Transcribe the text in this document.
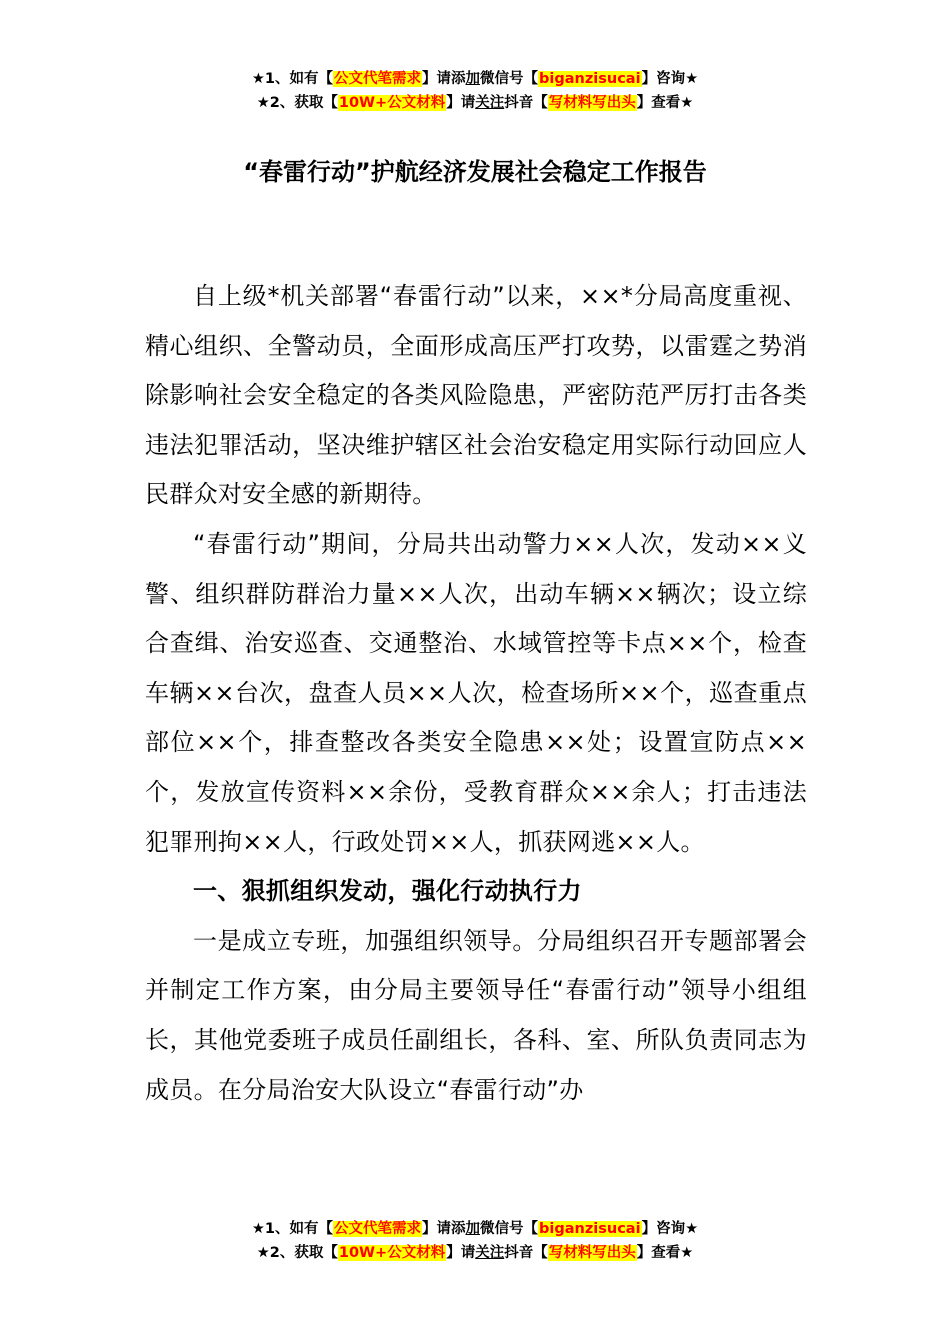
★1、如有【公文代笔需求】请添加微信号【biganzisucai】咨询★
★2、获取【10W+公文材料】请关注抖音【写材料写出头】查看★
“春雷行动”护航经济发展社会稳定工作报告

自上级*机关部署“春雷行动”以来，××*分局高度重视、精心组织、全警动员，全面形成高压严打攻势，以雷霆之势消除影响社会安全稳定的各类风险隐患，严密防范严厉打击各类违法犯罪活动，坚决维护辖区社会治安稳定用实际行动回应人民群众对安全感的新期待。

“春雷行动”期间，分局共出动警力××人次，发动××义警、组织群防群治力量××人次，出动车辆××辆次；设立综合查缉、治安巡查、交通整治、水域管控等卡点××个，检查车辆××台次，盘查人员××人次，检查场所××个，巡查重点部位××个，排查整改各类安全隐患××处；设置宣防点××个，发放宣传资料××余份，受教育群众××余人；打击违法犯罪刑拘××人，行政处罚××人，抓获网逃××人。

一、狠抓组织发动，强化行动执行力

一是成立专班，加强组织领导。分局组织召开专题部署会并制定工作方案，由分局主要领导任“春雷行动”领导小组组长，其他党委班子成员任副组长，各科、室、所队负责同志为成员。在分局治安大队设立“春雷行动”办

★1、如有【公文代笔需求】请添加微信号【biganzisucai】咨询★
★2、获取【10W+公文材料】请关注抖音【写材料写出头】查看★
